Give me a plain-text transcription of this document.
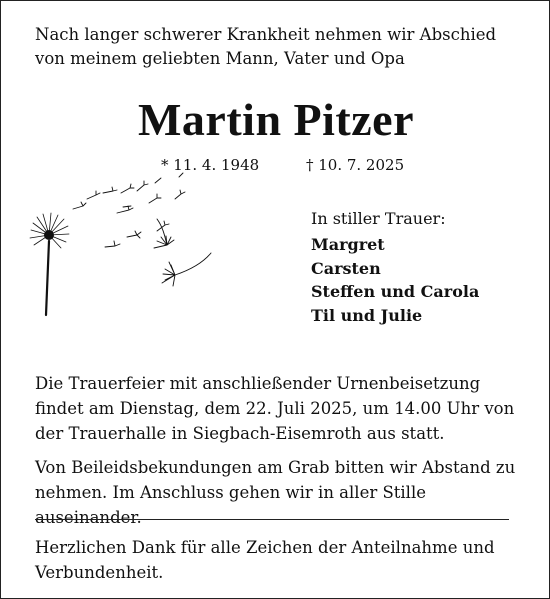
Nach langer schwerer Krankheit nehmen wir Abschied von meinem geliebten Mann, Vater und Opa
Martin Pitzer
* 11. 4. 1948	† 10. 7. 2025
In stiller Trauer:
Margret
Carsten
Steffen und Carola
Til und Julie
Die Trauerfeier mit anschließender Urnenbeisetzung findet am Dienstag, dem 22. Juli 2025, um 14.00 Uhr von der Trauerhalle in Siegbach-Eisemroth aus statt.
Von Beileidsbekundungen am Grab bitten wir Abstand zu nehmen. Im Anschluss gehen wir in aller Stille auseinander.
Herzlichen Dank für alle Zeichen der Anteilnahme und Verbundenheit.
